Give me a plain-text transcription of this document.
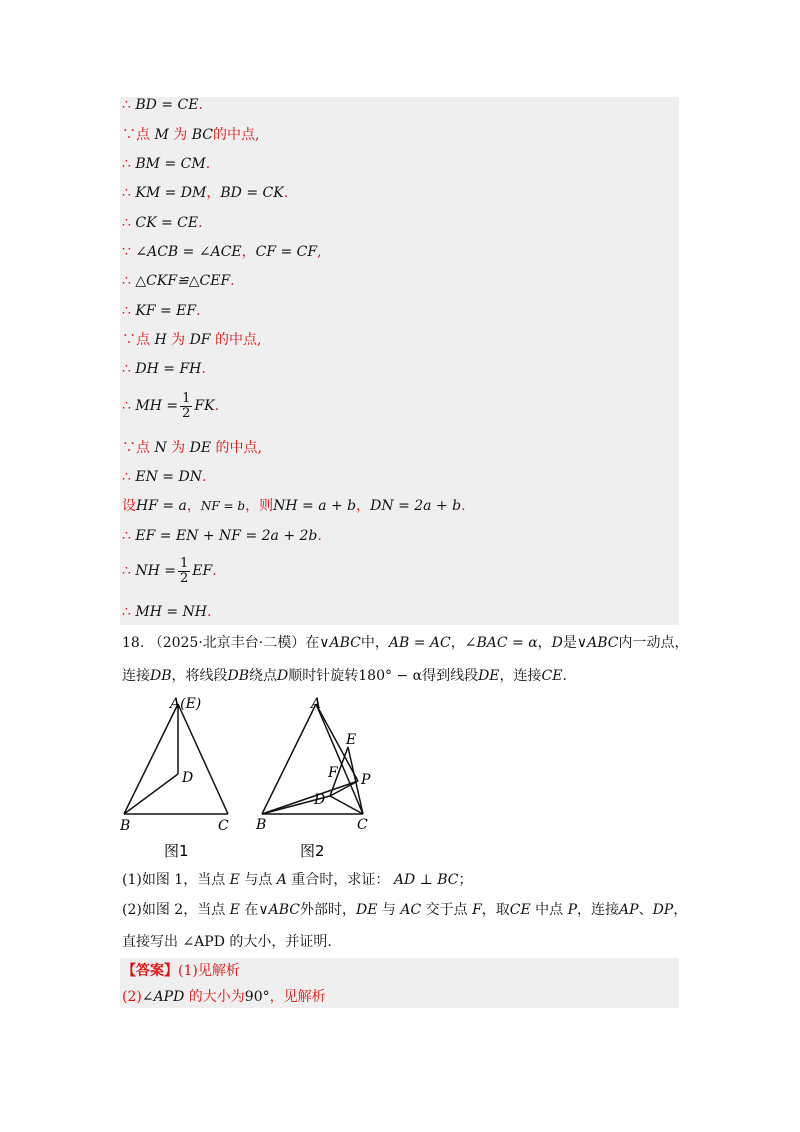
∴ BD = CE.
∵点 M 为 BC的中点,
∴ BM = CM.
∴ KM = DM，BD = CK.
∴ CK = CE.
∵ ∠ACB = ∠ACE，CF = CF,
∴ △CKF≌△CEF.
∴ KF = EF.
∵点 H 为 DF 的中点,
∴ DH = FH.
∴ MH = $\frac{1}{2}$ FK.
∵点 N 为 DE 的中点,
∴ EN = DN.
设HF = a，NF = b，则NH = a + b，DN = 2a + b.
∴ EF = EN + NF = 2a + 2b.
∴ NH = $\frac{1}{2}$ EF.
∴ MH = NH.
18. （2025·北京丰台·二模）在∨ABC中，AB = AC，∠BAC = α，D是∨ABC内一动点，
连接DB，将线段DB绕点D顺时针旋转180° − α得到线段DE，连接CE.
A(E)
D
B	C
图1
A
E
F P
D
B	C
图2
(1)如图 1，当点 E 与点 A 重合时，求证： AD ⊥ BC；
(2)如图 2，当点 E 在∨ABC外部时，DE 与 AC 交于点 F，取CE 中点 P，连接AP、DP，
直接写出 ∠APD 的大小，并证明.
【答案】(1)见解析
(2)∠APD 的大小为90°，见解析
